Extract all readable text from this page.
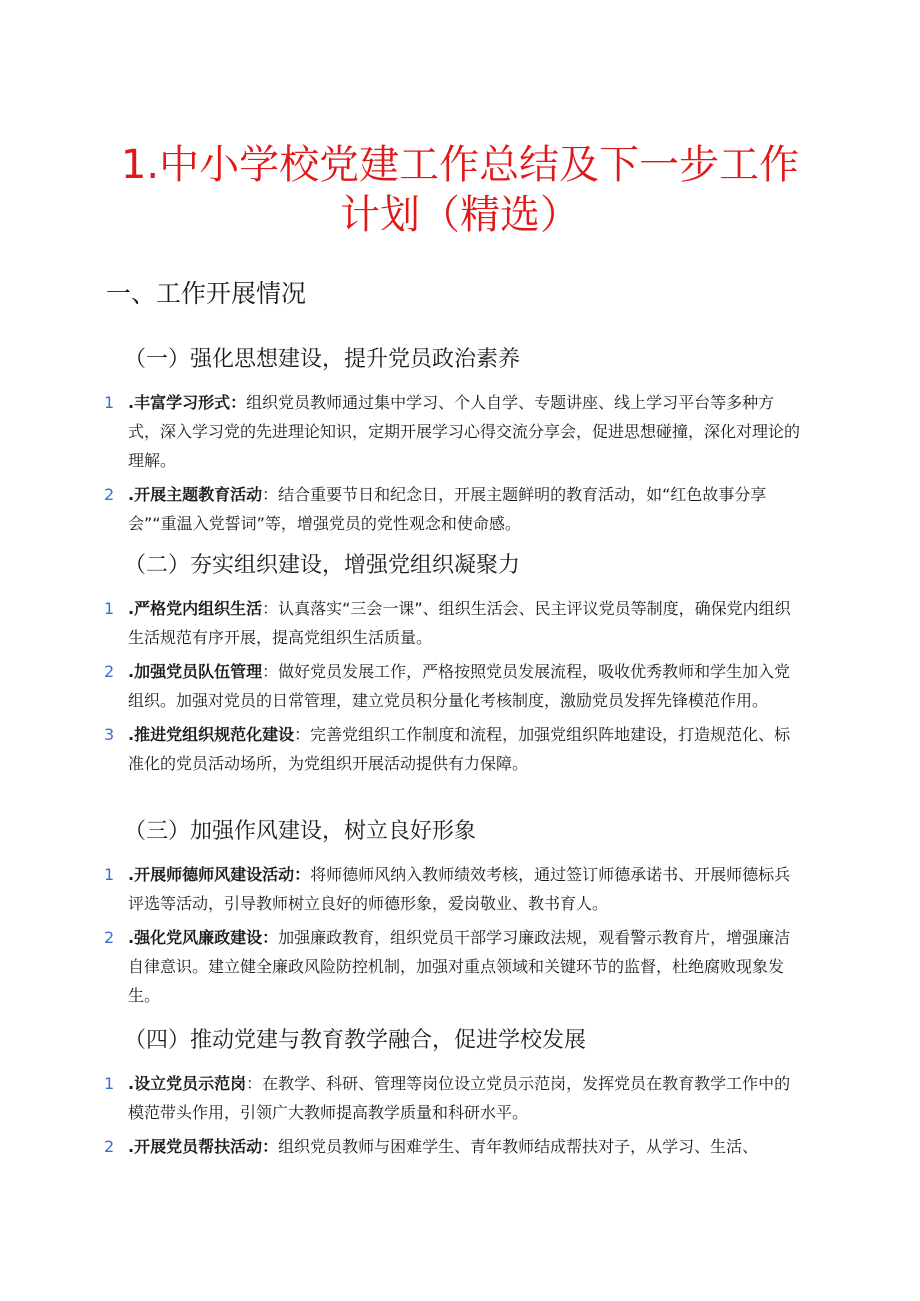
1.中小学校党建工作总结及下一步工作
计划（精选）
一、工作开展情况
（一）强化思想建设，提升党员政治素养
1 .丰富学习形式：组织党员教师通过集中学习、个人自学、专题讲座、线上学习平台等多种方式，深入学习党的先进理论知识，定期开展学习心得交流分享会，促进思想碰撞，深化对理论的理解。
2 .开展主题教育活动：结合重要节日和纪念日，开展主题鲜明的教育活动，如“红色故事分享会”“重温入党誓词”等，增强党员的党性观念和使命感。
（二）夯实组织建设，增强党组织凝聚力
1 .严格党内组织生活：认真落实“三会一课”、组织生活会、民主评议党员等制度，确保党内组织生活规范有序开展，提高党组织生活质量。
2 .加强党员队伍管理：做好党员发展工作，严格按照党员发展流程，吸收优秀教师和学生加入党组织。加强对党员的日常管理，建立党员积分量化考核制度，激励党员发挥先锋模范作用。
3 .推进党组织规范化建设：完善党组织工作制度和流程，加强党组织阵地建设，打造规范化、标准化的党员活动场所，为党组织开展活动提供有力保障。
（三）加强作风建设，树立良好形象
1 .开展师德师风建设活动：将师德师风纳入教师绩效考核，通过签订师德承诺书、开展师德标兵评选等活动，引导教师树立良好的师德形象，爱岗敬业、教书育人。
2 .强化党风廉政建设：加强廉政教育，组织党员干部学习廉政法规，观看警示教育片，增强廉洁自律意识。建立健全廉政风险防控机制，加强对重点领域和关键环节的监督，杜绝腐败现象发生。
（四）推动党建与教育教学融合，促进学校发展
1 .设立党员示范岗：在教学、科研、管理等岗位设立党员示范岗，发挥党员在教育教学工作中的模范带头作用，引领广大教师提高教学质量和科研水平。
2 .开展党员帮扶活动：组织党员教师与困难学生、青年教师结成帮扶对子，从学习、生活、
